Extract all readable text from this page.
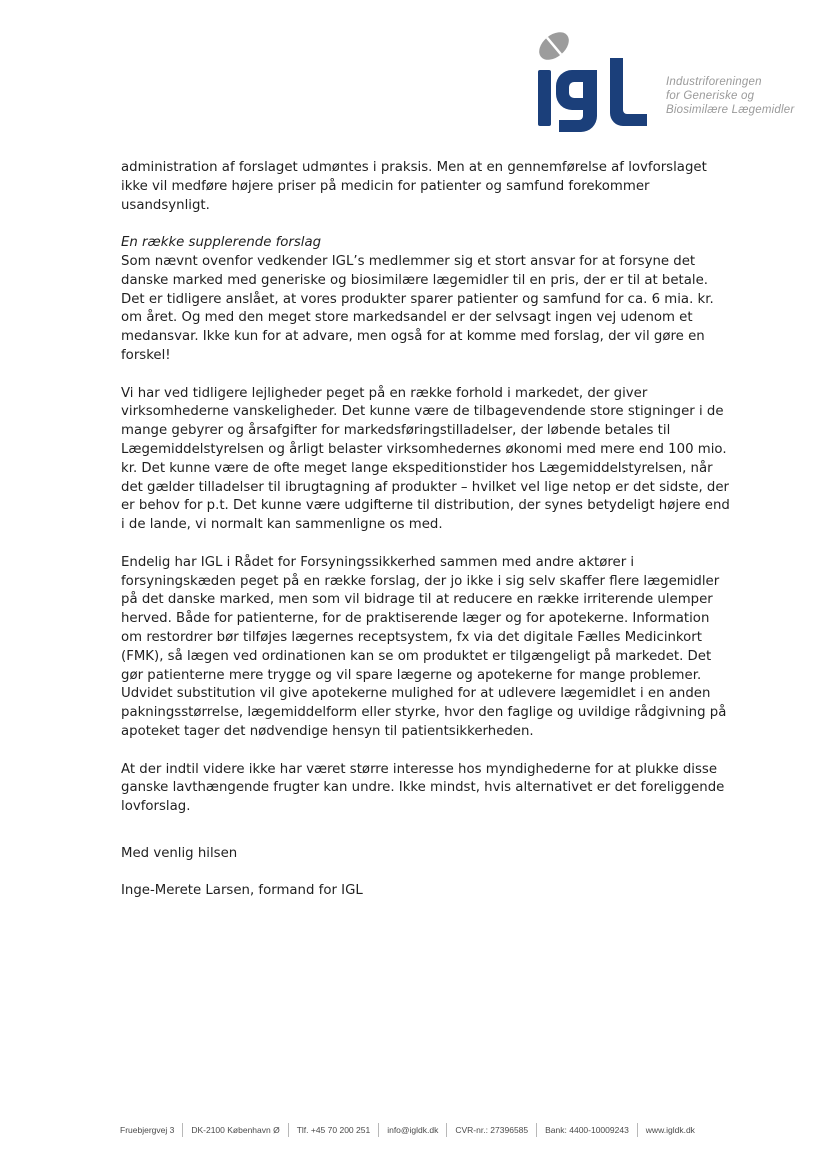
Industriforeningen
for Generiske og
Biosimilære Lægemidler

administration af forslaget udmøntes i praksis. Men at en gennemførelse af lovforslaget ikke vil medføre højere priser på medicin for patienter og samfund forekommer usandsynligt.

En række supplerende forslag

Som nævnt ovenfor vedkender IGL’s medlemmer sig et stort ansvar for at forsyne det danske marked med generiske og biosimilære lægemidler til en pris, der er til at betale. Det er tidligere anslået, at vores produkter sparer patienter og samfund for ca. 6 mia. kr. om året. Og med den meget store markedsandel er der selvsagt ingen vej udenom et medansvar. Ikke kun for at advare, men også for at komme med forslag, der vil gøre en forskel!

Vi har ved tidligere lejligheder peget på en række forhold i markedet, der giver virksomhederne vanskeligheder. Det kunne være de tilbagevendende store stigninger i de mange gebyrer og årsafgifter for markedsføringstilladelser, der løbende betales til Lægemiddelstyrelsen og årligt belaster virksomhedernes økonomi med mere end 100 mio. kr. Det kunne være de ofte meget lange ekspeditionstider hos Lægemiddelstyrelsen, når det gælder tilladelser til ibrugtagning af produkter – hvilket vel lige netop er det sidste, der er behov for p.t. Det kunne være udgifterne til distribution, der synes betydeligt højere end i de lande, vi normalt kan sammenligne os med.

Endelig har IGL i Rådet for Forsyningssikkerhed sammen med andre aktører i forsyningskæden peget på en række forslag, der jo ikke i sig selv skaffer flere lægemidler på det danske marked, men som vil bidrage til at reducere en række irriterende ulemper herved. Både for patienterne, for de praktiserende læger og for apotekerne. Information om restordrer bør tilføjes lægernes receptsystem, fx via det digitale Fælles Medicinkort (FMK), så lægen ved ordinationen kan se om produktet er tilgængeligt på markedet. Det gør patienterne mere trygge og vil spare lægerne og apotekerne for mange problemer. Udvidet substitution vil give apotekerne mulighed for at udlevere lægemidlet i en anden pakningsstørrelse, lægemiddelform eller styrke, hvor den faglige og uvildige rådgivning på apoteket tager det nødvendige hensyn til patientsikkerheden.

At der indtil videre ikke har været større interesse hos myndighederne for at plukke disse ganske lavthængende frugter kan undre. Ikke mindst, hvis alternativet er det foreliggende lovforslag.

Med venlig hilsen

Inge-Merete Larsen, formand for IGL

Fruebjergvej 3 DK-2100 København Ø Tlf. +45 70 200 251 info@igldk.dk CVR-nr.: 27396585 Bank: 4400-10009243 www.igldk.dk
